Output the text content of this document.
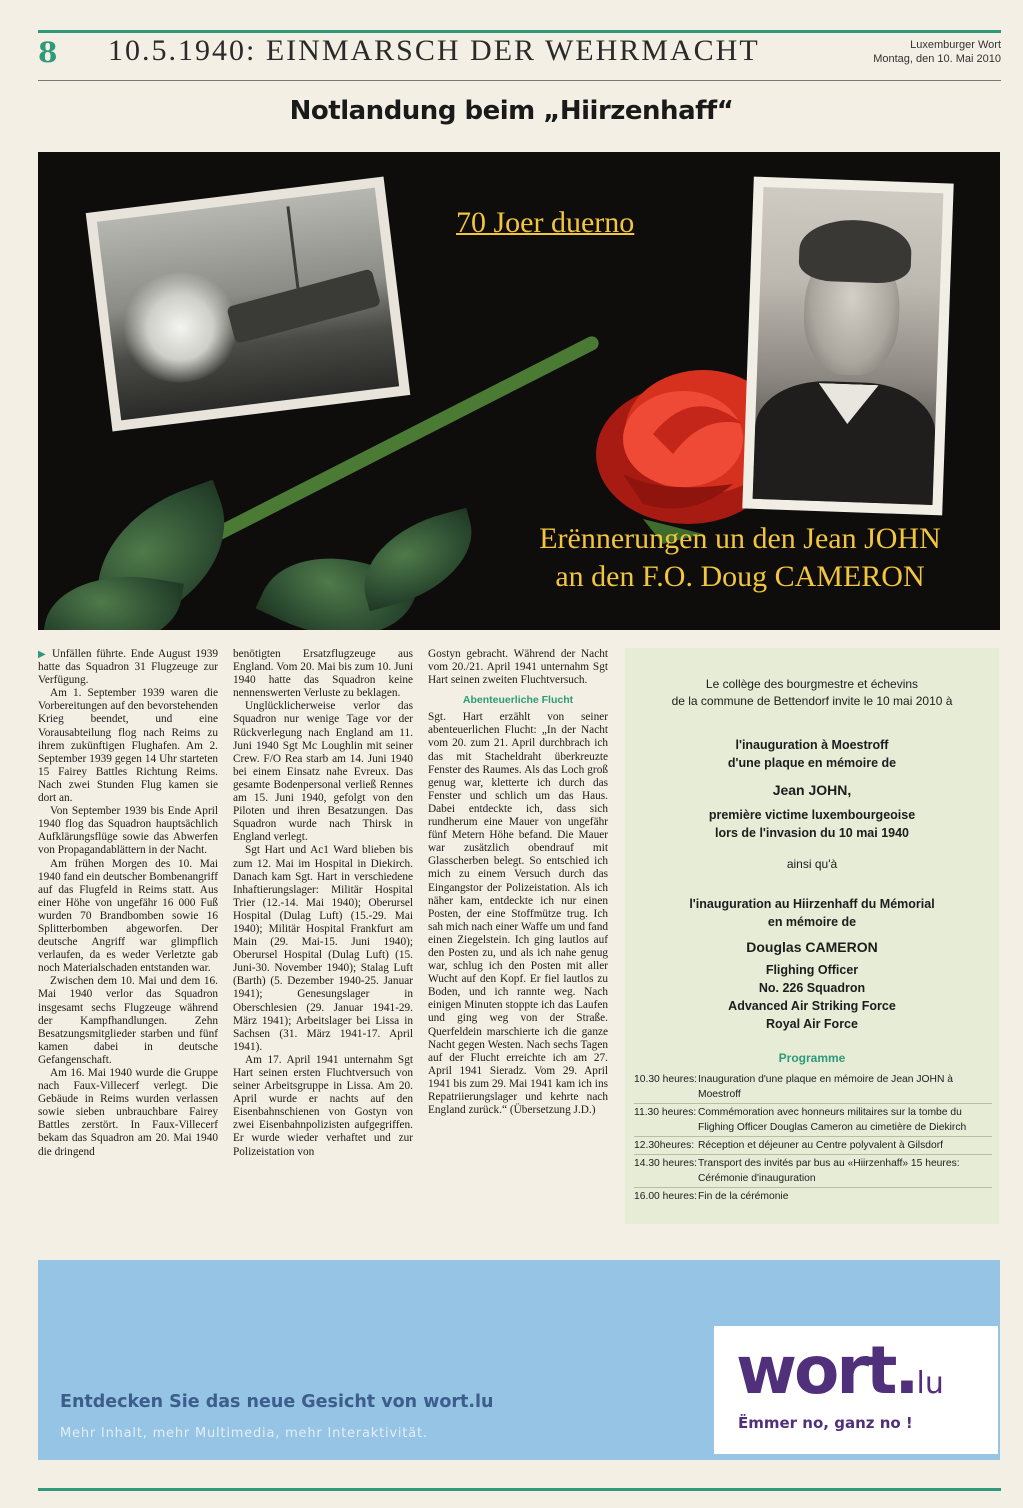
8 10.5.1940: EINMARSCH DER WEHRMACHT	Luxemburger Wort
Montag, den 10. Mai 2010
Notlandung beim „Hiirzenhaff“
70 Joer duerno
Erënnerungen un den Jean JOHN
an den F.O. Doug CAMERON

▶ Unfällen führte. Ende August 1939 hatte das Squadron 31 Flugzeuge zur Verfügung.

Am 1. September 1939 waren die Vorbereitungen auf den bevorstehenden Krieg beendet, und eine Vorausabteilung flog nach Reims zu ihrem zukünftigen Flughafen. Am 2. September 1939 gegen 14 Uhr starteten 15 Fairey Battles Richtung Reims. Nach zwei Stunden Flug kamen sie dort an.

Von September 1939 bis Ende April 1940 flog das Squadron hauptsächlich Aufklärungsflüge sowie das Abwerfen von Propagandablättern in der Nacht.

Am frühen Morgen des 10. Mai 1940 fand ein deutscher Bombenangriff auf das Flugfeld in Reims statt. Aus einer Höhe von ungefähr 16 000 Fuß wurden 70 Brandbomben sowie 16 Splitterbomben abgeworfen. Der deutsche Angriff war glimpflich verlaufen, da es weder Verletzte gab noch Materialschaden entstanden war.

Zwischen dem 10. Mai und dem 16. Mai 1940 verlor das Squadron insgesamt sechs Flugzeuge während der Kampfhandlungen. Zehn Besatzungsmitglieder starben und fünf kamen dabei in deutsche Gefangenschaft.

Am 16. Mai 1940 wurde die Gruppe nach Faux-Villecerf verlegt. Die Gebäude in Reims wurden verlassen sowie sieben unbrauchbare Fairey Battles zerstört. In Faux-Villecerf bekam das Squadron am 20. Mai 1940 die dringend

benötigten Ersatzflugzeuge aus England. Vom 20. Mai bis zum 10. Juni 1940 hatte das Squadron keine nennenswerten Verluste zu beklagen.

Unglücklicherweise verlor das Squadron nur wenige Tage vor der Rückverlegung nach England am 11. Juni 1940 Sgt Mc Loughlin mit seiner Crew. F/O Rea starb am 14. Juni 1940 bei einem Einsatz nahe Evreux. Das gesamte Bodenpersonal verließ Rennes am 15. Juni 1940, gefolgt von den Piloten und ihren Besatzungen. Das Squadron wurde nach Thirsk in England verlegt.

Sgt Hart und Ac1 Ward blieben bis zum 12. Mai im Hospital in Diekirch. Danach kam Sgt. Hart in verschiedene Inhaftierungslager: Militär Hospital Trier (12.-14. Mai 1940); Oberursel Hospital (Dulag Luft) (15.-29. Mai 1940); Militär Hospital Frankfurt am Main (29. Mai-15. Juni 1940); Oberursel Hospital (Dulag Luft) (15. Juni-30. November 1940); Stalag Luft (Barth) (5. Dezember 1940-25. Januar 1941); Genesungslager in Oberschlesien (29. Januar 1941-29. März 1941); Arbeitslager bei Lissa in Sachsen (31. März 1941-17. April 1941).

Am 17. April 1941 unternahm Sgt Hart seinen ersten Fluchtversuch von seiner Arbeitsgruppe in Lissa. Am 20. April wurde er nachts auf den Eisenbahnschienen von Gostyn von zwei Eisenbahnpolizisten aufgegriffen. Er wurde wieder verhaftet und zur Polizeistation von

Gostyn gebracht. Während der Nacht vom 20./21. April 1941 unternahm Sgt Hart seinen zweiten Fluchtversuch.

Abenteuerliche Flucht

Sgt. Hart erzählt von seiner abenteuerlichen Flucht: „In der Nacht vom 20. zum 21. April durchbrach ich das mit Stacheldraht überkreuzte Fenster des Raumes. Als das Loch groß genug war, kletterte ich durch das Fenster und schlich um das Haus. Dabei entdeckte ich, dass sich rundherum eine Mauer von ungefähr fünf Metern Höhe befand. Die Mauer war zusätzlich obendrauf mit Glasscherben belegt. So entschied ich mich zu einem Versuch durch das Eingangstor der Polizeistation. Als ich näher kam, entdeckte ich nur einen Posten, der eine Stoffmütze trug. Ich sah mich nach einer Waffe um und fand einen Ziegelstein. Ich ging lautlos auf den Posten zu, und als ich nahe genug war, schlug ich den Posten mit aller Wucht auf den Kopf. Er fiel lautlos zu Boden, und ich rannte weg. Nach einigen Minuten stoppte ich das Laufen und ging weg von der Straße. Querfeldein marschierte ich die ganze Nacht gegen Westen. Nach sechs Tagen auf der Flucht erreichte ich am 27. April 1941 Sieradz. Vom 29. April 1941 bis zum 29. Mai 1941 kam ich ins Repatriierungslager und kehrte nach England zurück.“ (Übersetzung J.D.)

Le collège des bourgmestre et échevins
de la commune de Bettendorf invite le 10 mai 2010 à
l'inauguration à Moestroff
d'une plaque en mémoire de
Jean JOHN,
première victime luxembourgeoise
lors de l'invasion du 10 mai 1940
ainsi qu'à
l'inauguration au Hiirzenhaff du Mémorial
en mémoire de
Douglas CAMERON
Flighing Officer
No. 226 Squadron
Advanced Air Striking Force
Royal Air Force
Programme
10.30 heures: Inauguration d'une plaque en mémoire de Jean JOHN à Moestroff
11.30 heures: Commémoration avec honneurs militaires sur la tombe du Flighing Officer Douglas Cameron au cimetière de Diekirch
12.30heures: Réception et déjeuner au Centre polyvalent à Gilsdorf
14.30 heures: Transport des invités par bus au «Hiirzenhaff» 15 heures: Cérémonie d'inauguration
16.00 heures: Fin de la cérémonie
Entdecken Sie das neue Gesicht von wort.lu
Mehr Inhalt, mehr Multimedia, mehr Interaktivität.
wort.lu
Ëmmer no, ganz no !
